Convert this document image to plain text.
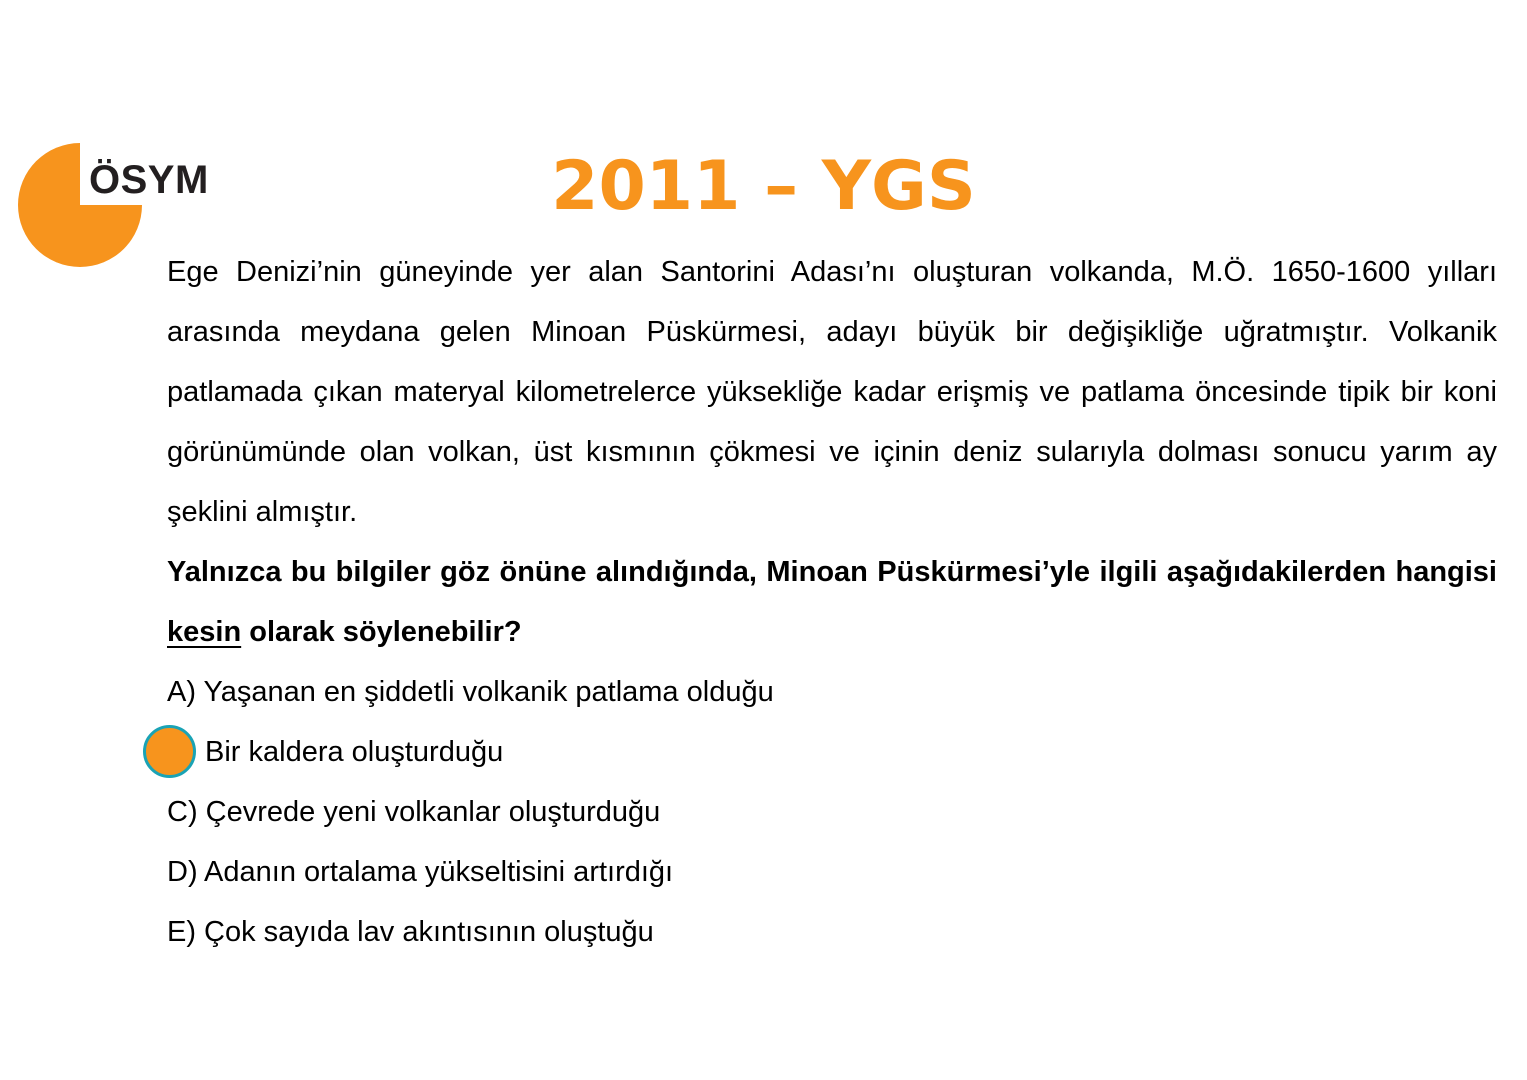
ÖSYM	2011 – YGS

Ege Denizi’nin güneyinde yer alan Santorini Adası’nı oluşturan volkanda, M.Ö. 1650-1600 yılları arasında meydana gelen Minoan Püskürmesi, adayı büyük bir değişikliğe uğratmıştır. Volkanik patlamada çıkan materyal kilometrelerce yüksekliğe kadar erişmiş ve patlama öncesinde tipik bir koni görünümünde olan volkan, üst kısmının çökmesi ve içinin deniz sularıyla dolması sonucu yarım ay şeklini almıştır.

Yalnızca bu bilgiler göz önüne alındığında, Minoan Püskürmesi’yle ilgili aşağıdakilerden hangisi kesin olarak söylenebilir?

A) Yaşanan en şiddetli volkanik patlama olduğu

Bir kaldera oluşturduğu

C) Çevrede yeni volkanlar oluşturduğu

D) Adanın ortalama yükseltisini artırdığı

E) Çok sayıda lav akıntısının oluştuğu
